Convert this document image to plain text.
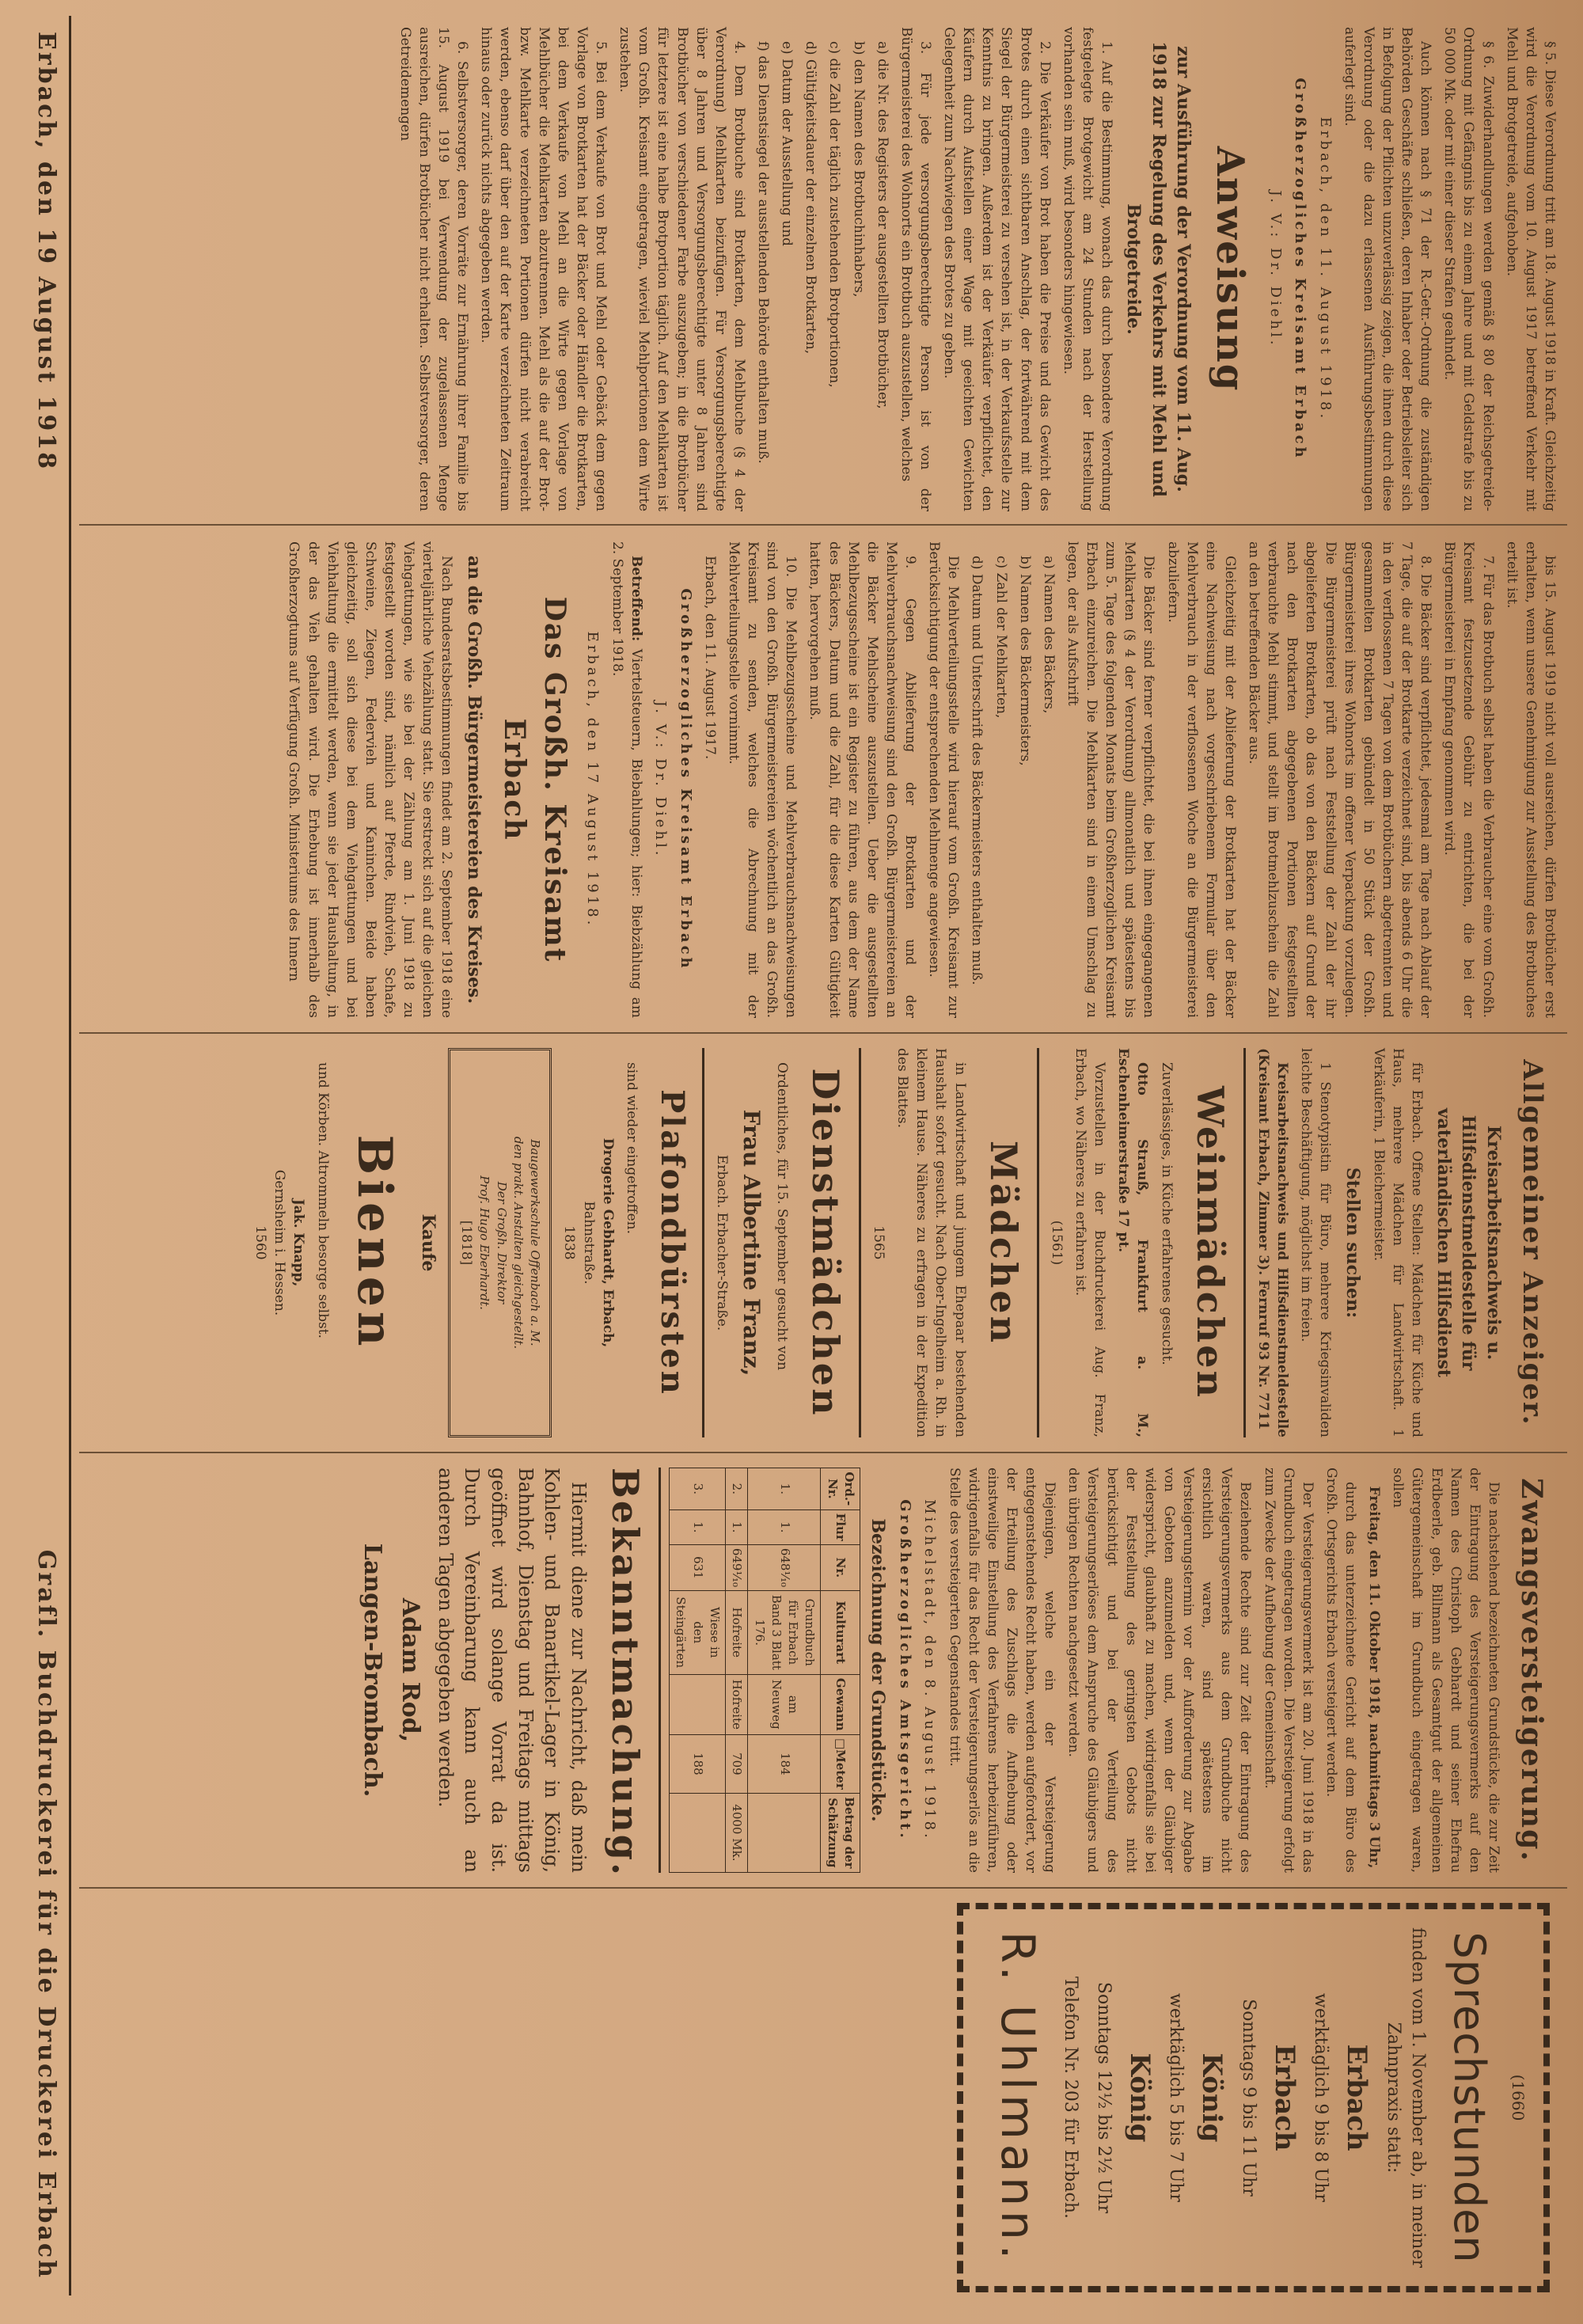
Erbach, den 19 August 1918
Grafl. Buchdruckerei für die Druckerei Erbach

§ 5. Diese Verordnung tritt am 18. August 1918 in Kraft. Gleichzeitig wird die Verordnung vom 10. August 1917 betreffend Verkehr mit Mehl und Brotgetreide, aufgehoben.

§ 6. Zuwiderhandlungen werden gemäß § 80 der Reichsgetreide-Ordnung mit Gefängnis bis zu einem Jahre und mit Geldstrafe bis zu 50 000 Mk. oder mit einer dieser Strafen geahndet.

Auch können nach § 71 der R.-Getr.-Ordnung die zuständigen Behörden Geschäfte schließen, deren Inhaber oder Betriebsleiter sich in Befolgung der Pflichten unzuverlässig zeigen, die ihnen durch diese Verordnung oder die dazu erlassenen Ausführungsbestimmungen auferlegt sind.

Erbach, den 11. August 1918.
Großherzogliches Kreisamt Erbach
J. V.: Dr. Diehl.
Anweisung
zur Ausführung der Verordnung vom 11. Aug. 1918 zur Regelung des Verkehrs mit Mehl und Brotgetreide.

1. Auf die Bestimmung, wonach das durch besondere Verordnung festgelegte Brotgewicht am 24 Stunden nach der Herstellung vorhanden sein muß, wird besonders hingewiesen.

2. Die Verkäufer von Brot haben die Preise und das Gewicht des Brotes durch einen sichtbaren Anschlag, der fortwährend mit dem Siegel der Bürgermeisterei zu versehen ist, in der Verkaufsstelle zur Kenntnis zu bringen. Außerdem ist der Verkäufer verpflichtet, den Käufern durch Aufstellen einer Wage mit geeichten Gewichten Gelegenheit zum Nachwiegen des Brotes zu geben.

3. Für jede versorgungsberechtigte Person ist von der Bürgermeisterei des Wohnorts ein Brotbuch auszustellen, welches

a) die Nr. des Registers der ausgestellten Brotbücher,

b) den Namen des Brotbuchinhabers,

c) die Zahl der täglich zustehenden Brotportionen,

d) Gültigkeitsdauer der einzelnen Brotkarten,

e) Datum der Ausstellung und

f) das Dienstsiegel der ausstellenden Behörde enthalten muß.

4. Dem Brotbuche sind Brotkarten, dem Mehlbuche (§ 4 der Verordnung) Mehlkarten beizufügen. Für Versorgungsberechtigte über 8 Jahren und Versorgungsberechtigte unter 8 Jahren sind Brotbücher von verschiedener Farbe auszugeben; in die Brotbücher für letztere ist eine halbe Brotportion täglich. Auf den Mehlkarten ist vom Großh. Kreisamt eingetragen, wieviel Mehlportionen dem Wirte zustehen.

5. Bei dem Verkaufe von Brot und Mehl oder Gebäck dem gegen Vorlage von Brotkarten hat der Bäcker oder Händler die Brotkarten, bei dem Verkaufe von Mehl an die Wirte gegen Vorlage von Mehlbücher die Mehlkarten abzutrennen. Mehl als die auf der Brot- bzw. Mehlkarte verzeichneten Portionen dürfen nicht verabreicht werden, ebenso darf über den auf der Karte verzeichneten Zeitraum hinaus oder zurück nichts abgegeben werden.

6. Selbstversorger, deren Vorräte zur Ernährung ihrer Familie bis 15. August 1919 bei Verwendung der zugelassenen Menge ausreichen, dürfen Brotbücher nicht erhalten. Selbstversorger, deren Getreidemengen

bis 15. August 1919 nicht voll ausreichen, dürfen Brotbücher erst erhalten, wenn unsere Genehmigung zur Ausstellung des Brotbuches erteilt ist.

7. Für das Brotbuch selbst haben die Verbraucher eine vom Großh. Kreisamt festzusetzende Gebühr zu entrichten, die bei der Bürgermeisterei in Empfang genommen wird.

8. Die Bäcker sind verpflichtet, jedesmal am Tage nach Ablauf der 7 Tage, die auf der Brotkarte verzeichnet sind, bis abends 6 Uhr die in den verflossenen 7 Tagen von dem Brotbüchern abgetrennten und gesammelten Brotkarten gebündelt in 50 Stück der Großh. Bürgermeisterei ihres Wohnorts im offener Verpackung vorzulegen. Die Bürgermeisterei prüft nach Feststellung der Zahl der ihr abgelieferten Brotkarten, ob das von den Bäckern auf Grund der nach den Brotkarten abgegebenen Portionen festgestellten verbrauchte Mehl stimmt, und stellt im Brotmehlzuschein die Zahl an den betreffenden Bäcker aus.

Gleichzeitig mit der Ablieferung der Brotkarten hat der Bäcker eine Nachweisung nach vorgeschriebenem Formular über den Mehlverbrauch in der verflossenen Woche an die Bürgermeisterei abzuliefern.

Die Bäcker sind ferner verpflichtet, die bei ihnen eingegangenen Mehlkarten (§ 4 der Verordnung) allmonatlich und spätestens bis zum 5. Tage des folgenden Monats beim Großherzoglichen Kreisamt Erbach einzureichen. Die Mehlkarten sind in einem Umschlag zu legen, der als Aufschrift

a) Namen des Bäckers,

b) Namen des Bäckermeisters,

c) Zahl der Mehlkarten,

d) Datum und Unterschrift des Bäckermeisters enthalten muß.

Die Mehlverteilungsstelle wird hierauf vom Großh. Kreisamt zur Berücksichtigung der entsprechenden Mehlmenge angewiesen.

9. Gegen Ablieferung der Brotkarten und der Mehlverbrauchsnachweisung sind den Großh. Bürgermeistereien an die Bäcker Mehlscheine auszustellen. Ueber die ausgestellten Mehlbezugsscheine ist ein Register zu führen, aus dem der Name des Bäckers, Datum und die Zahl, für die diese Karten Gültigkeit hatten, hervorgehen muß.

10. Die Mehlbezugsscheine und Mehlverbrauchsnachweisungen sind von den Großh. Bürgermeistereien wöchentlich an das Großh. Kreisamt zu senden, welches die Abrechnung mit der Mehlverteilungsstelle vornimmt.

Erbach, den 11. August 1917.

Großherzogliches Kreisamt Erbach
J. V.: Dr. Diehl.

Betreffend: Viertelsteuern, Biebahlungen; hier: Biebzählung am 2. September 1918.

Erbach, den 17 August 1918.
Das Großh. Kreisamt Erbach
an die Großh. Bürgermeistereien des Kreises.

Nach Bundesratsbestimmungen findet am 2. September 1918 eine vierteljährliche Viehzählung statt. Sie erstreckt sich auf die gleichen Viehgattungen, wie sie bei der Zählung am 1. Juni 1918 zu festgestellt worden sind, nämlich auf Pferde, Rindvieh, Schafe, Schweine, Ziegen, Federvieh und Kaninchen. Beide haben gleichzeitig, soll sich diese bei dem Viehgattungen und bei Viehhaltung die ermittelt werden, wenn sie jeder Haushaltung, in der das Vieh gehalten wird. Die Erhebung ist innerhalb des Großherzogtums auf Verfügung Großh. Ministeriums des Innern

Allgemeiner Anzeiger.
Kreisarbeitsnachweis u. Hilfsdienstmeldestelle für vaterländischen Hilfsdienst

für Erbach. Offene Stellen: Mädchen für Küche und Haus, mehrere Mädchen für Landwirtschaft. 1 Verkäuferin, 1 Bleichermeister.

Stellen suchen:

1 Stenotypistin für Büro, mehrere Kriegsinvaliden leichte Beschäftigung, möglichst im freien.

Kreisarbeitsnachweis und Hilfsdienstmeldestelle (Kreisamt Erbach, Zimmer 3). Fernruf 93 Nr. 7711

Weinmädchen

Zuverlässiges, in Küche erfahrenes gesucht.

Otto Strauß, Frankfurt a. M., Eschenheimerstraße 17 pt.

Vorzustellen in der Buchdruckerei Aug. Franz, Erbach, wo Näheres zu erfahren ist.

(1561)
Mädchen

in Landwirtschaft und jungem Ehepaar bestehenden Haushalt sofort gesucht. Nach Ober-Ingelheim a. Rh. in kleinem Hause. Näheres zu erfragen in der Expedition des Blattes.

1565
Dienstmädchen

Ordentliches, für 15. September gesucht von

Frau Albertine Franz,
Erbach. Erbacher-Straße.
Plafondbürsten

sind wieder eingetroffen.

Drogerie Gebhardt, Erbach,
Bahnstraße.
1838
Baugewerkschule Offenbach a. M.
den prakt. Anstalten gleichgestellt.
Der Großh. Direktor
Prof. Hugo Eberhardt.
[1818]
Kaufe
Bienen

und Körben. Altrommeln besorge selbst.

Jak. Knapp,
Gernsheim i. Hessen.
1560
Zwangsversteigerung.

Die nachstehend bezeichneten Grundstücke, die zur Zeit der Eintragung des Versteigerungsvermerks auf den Namen des Christoph Gebhardt und seiner Ehefrau Erdbeerle, geb. Billmann als Gesamtgut der allgemeinen Gütergemeinschaft im Grundbuch eingetragen waren, sollen

Freitag, den 11. Oktober 1918, nachmittags 3 Uhr,

durch das unterzeichnete Gericht auf dem Büro des Großh. Ortsgerichts Erbach versteigert werden.

Der Versteigerungsvermerk ist am 20. Juni 1918 in das Grundbuch eingetragen worden. Die Versteigerung erfolgt zum Zwecke der Aufhebung der Gemeinschaft.

Beziehende Rechte sind zur Zeit der Eintragung des Versteigerungsvermerks aus dem Grundbuche nicht ersichtlich waren, sind spätestens im Versteigerungstermin vor der Aufforderung zur Abgabe von Geboten anzumelden und, wenn der Gläubiger widerspricht, glaubhaft zu machen, widrigenfalls sie bei der Feststellung des geringsten Gebots nicht berücksichtigt und bei der Verteilung des Versteigerungserlöses dem Anspruche des Gläubigers und den übrigen Rechten nachgesetzt werden.

Diejenigen, welche ein der Versteigerung entgegenstehendes Recht haben, werden aufgefordert, vor der Erteilung des Zuschlags die Aufhebung oder einstweilige Einstellung des Verfahrens herbeizuführen, widrigenfalls für das Recht der Versteigerungserlös an die Stelle des versteigerten Gegenstandes tritt.

Michelstadt, den 8. August 1918.
Großherzogliches Amtsgericht.
Bezeichnung der Grundstücke.
Ord.-Nr.	Flur	Nr.	Kulturart	Gewann	□Meter	Betrag der Schätzung
1.	1.	648¹⁄₁₀	Grundbuch für Erbach Band 3 Blatt 176.	am Neuweg	184	
2.	1.	649¹⁄₁₀	Hofreite	Hofreite	709	4000 Mk.
3.	1.	631	Wiese in den Steingärten		188	
Bekanntmachung.

Hiermit diene zur Nachricht, daß mein Kohlen- und Banartikel-Lager in König, Bahnhof, Dienstag und Freitags mittags geöffnet wird solange Vorrat da ist. Durch Vereinbarung kann auch an anderen Tagen abgegeben werden.

Adam Rod,
Langen-Brombach.
(1660
Sprechstunden

finden vom 1. November ab, in meiner Zahnpraxis statt:

Erbach
werktäglich 9 bis 8 Uhr
Erbach
Sonntags 9 bis 11 Uhr
König
werktäglich 5 bis 7 Uhr
König
Sonntags 12¹⁄₂ bis 2¹⁄₂ Uhr
Telefon Nr. 203 für Erbach.
R. Uhlmann.
